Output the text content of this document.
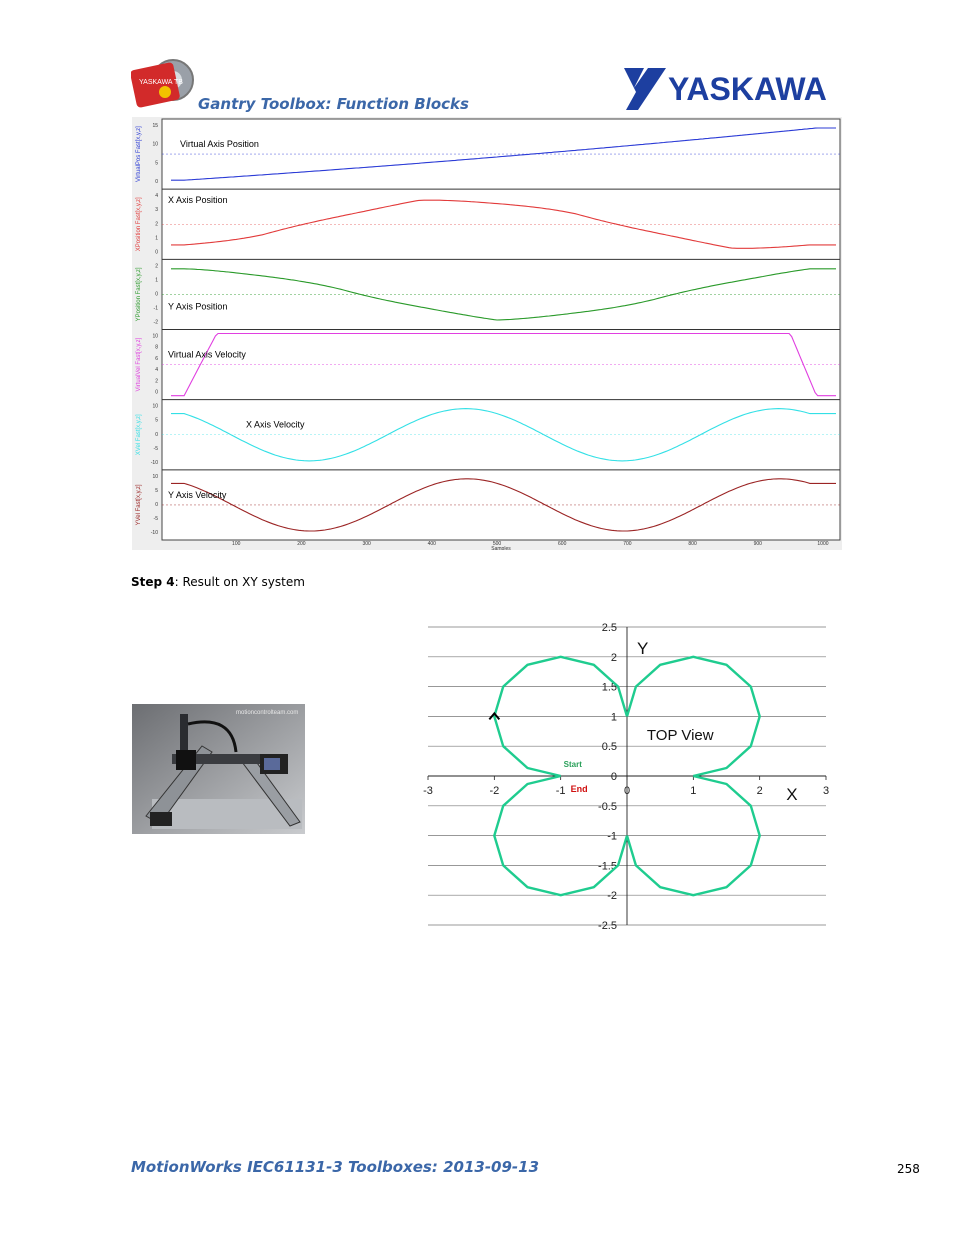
YASKAWA TB
Gantry Toolbox: Function Blocks	YASKAWA
VirtualPos Fast[x,y,z]
15
10
5
0
Virtual Axis Position
XPosition Fast[x,y,z]
4
3
2
1
0
X Axis Position
YPosition Fast[x,y,z]
2
1
0
-1
-2
Y Axis Position
VirtualVel Fast[x,y,z]
10
8
6
4
2
0
Virtual Axis Velocity
XVel Fast[x,y,z]
10
5
0
-5
-10
X Axis Velocity
YVel Fast[x,y,z]
10
5
0
-5
-10
Y Axis Velocity
100	200	300	400	500	600	700	800	900	1000
Samples
Step 4: Result on XY system
motioncontrolteam.com
2.5
2
1.5
1
0.5
0
-0.5
-1
-1.5
-2
-2.5
-3	-2	-1	0	1	2	3
Y
X
TOP View
Start
End
MotionWorks IEC61131-3 Toolboxes: 2013-09-13	258
